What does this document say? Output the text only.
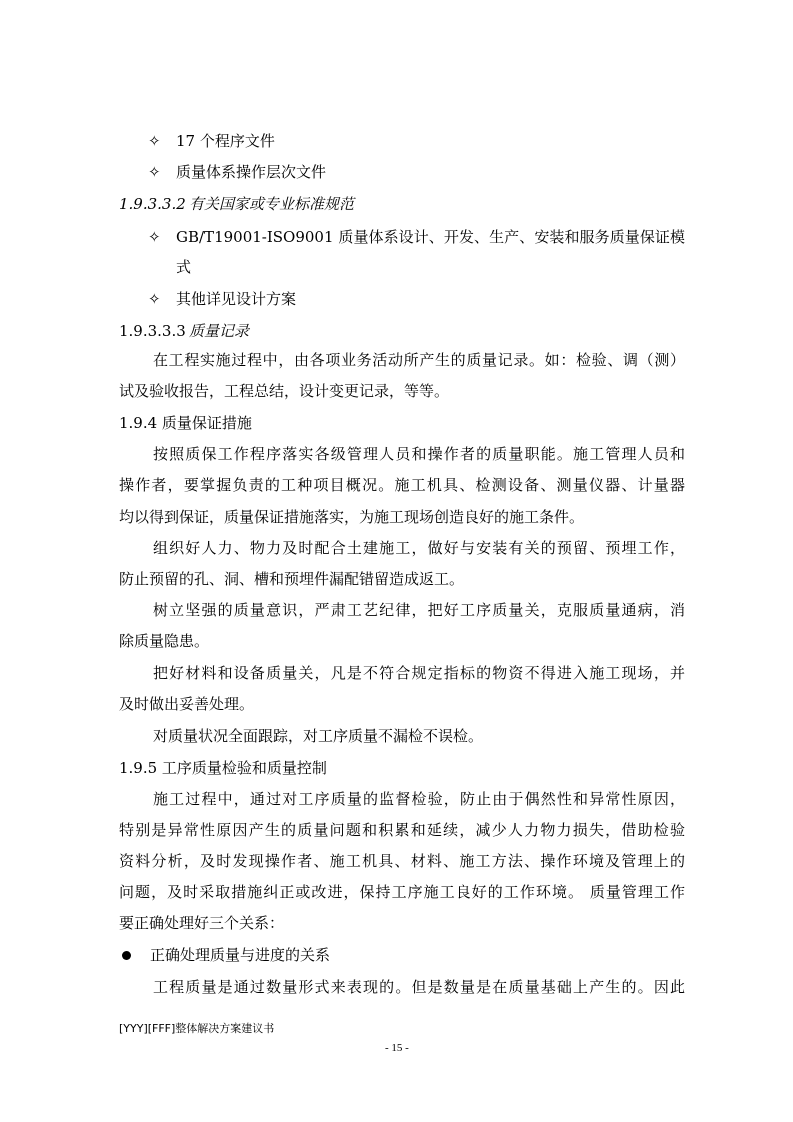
✧ 17 个程序文件
✧ 质量体系操作层次文件
1.9.3.3.2 有关国家或专业标准规范
✧ GB/T19001-ISO9001 质量体系设计、开发、生产、安装和服务质量保证模
式
✧ 其他详见设计方案
1.9.3.3.3 质量记录
在工程实施过程中，由各项业务活动所产生的质量记录。如：检验、调（测）
试及验收报告，工程总结，设计变更记录，等等。
1.9.4 质量保证措施
按照质保工作程序落实各级管理人员和操作者的质量职能。施工管理人员和
操作者，要掌握负责的工种项目概况。施工机具、检测设备、测量仪器、计量器
均以得到保证，质量保证措施落实，为施工现场创造良好的施工条件。
组织好人力、物力及时配合土建施工，做好与安装有关的预留、预埋工作，
防止预留的孔、洞、槽和预埋件漏配错留造成返工。
树立坚强的质量意识，严肃工艺纪律，把好工序质量关，克服质量通病，消
除质量隐患。
把好材料和设备质量关，凡是不符合规定指标的物资不得进入施工现场，并
及时做出妥善处理。
对质量状况全面跟踪，对工序质量不漏检不误检。
1.9.5 工序质量检验和质量控制
施工过程中，通过对工序质量的监督检验，防止由于偶然性和异常性原因，
特别是异常性原因产生的质量问题和积累和延续，减少人力物力损失，借助检验
资料分析，及时发现操作者、施工机具、材料、施工方法、操作环境及管理上的
问题，及时采取措施纠正或改进，保持工序施工良好的工作环境。 质量管理工作
要正确处理好三个关系：
正确处理质量与进度的关系
工程质量是通过数量形式来表现的。但是数量是在质量基础上产生的。因此
[YYY][FFF]整体解决方案建议书
- 15 -
